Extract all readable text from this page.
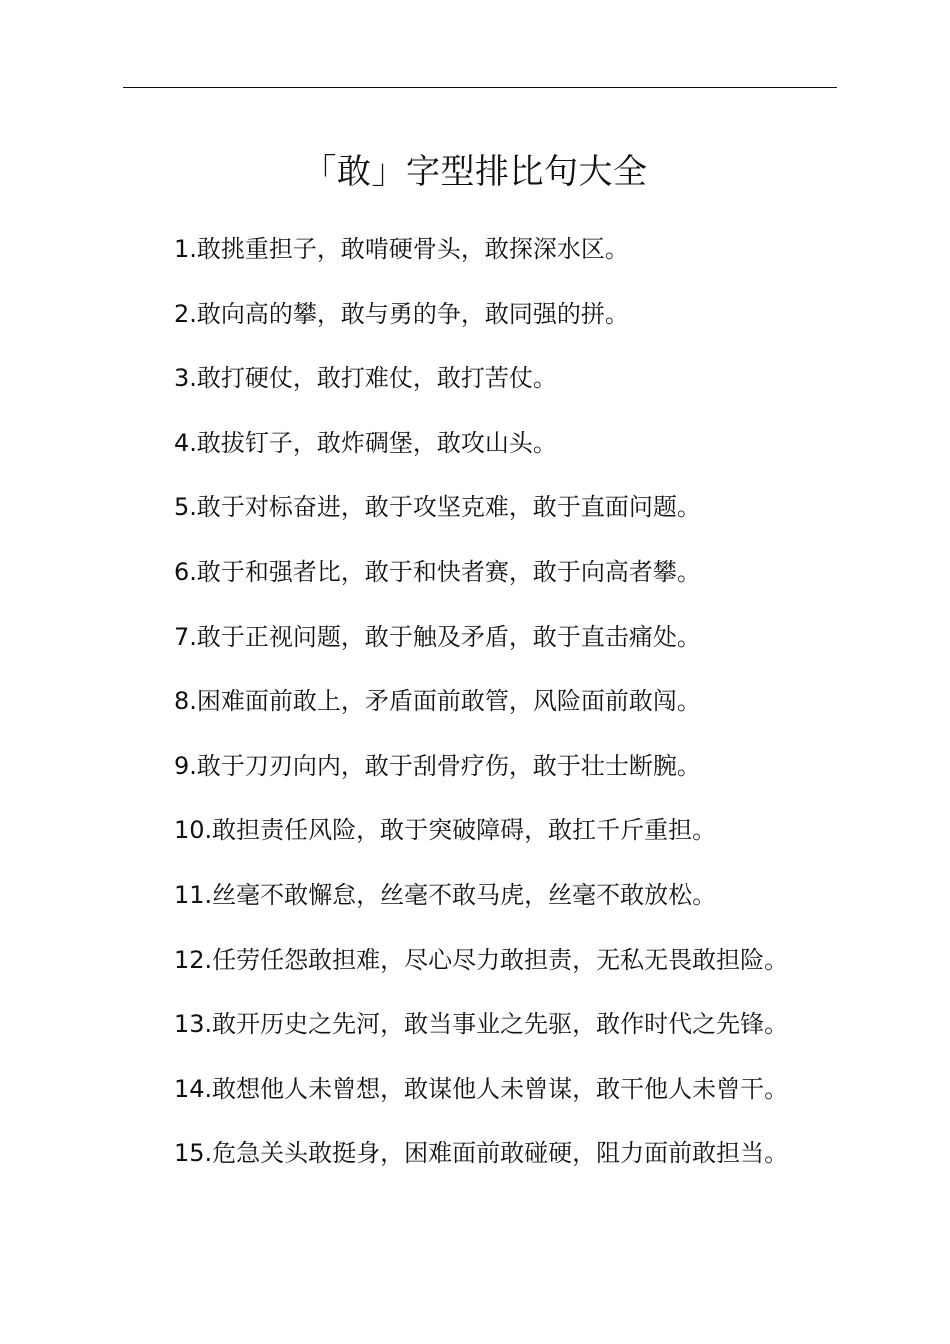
「敢」字型排比句大全
1.敢挑重担子，敢啃硬骨头，敢探深水区。
2.敢向高的攀，敢与勇的争，敢同强的拼。
3.敢打硬仗，敢打难仗，敢打苦仗。
4.敢拔钉子，敢炸碉堡，敢攻山头。
5.敢于对标奋进，敢于攻坚克难，敢于直面问题。
6.敢于和强者比，敢于和快者赛，敢于向高者攀。
7.敢于正视问题，敢于触及矛盾，敢于直击痛处。
8.困难面前敢上，矛盾面前敢管，风险面前敢闯。
9.敢于刀刃向内，敢于刮骨疗伤，敢于壮士断腕。
10.敢担责任风险，敢于突破障碍，敢扛千斤重担。
11.丝毫不敢懈怠，丝毫不敢马虎，丝毫不敢放松。
12.任劳任怨敢担难，尽心尽力敢担责，无私无畏敢担险。
13.敢开历史之先河，敢当事业之先驱，敢作时代之先锋。
14.敢想他人未曾想，敢谋他人未曾谋，敢干他人未曾干。
15.危急关头敢挺身，困难面前敢碰硬，阻力面前敢担当。
